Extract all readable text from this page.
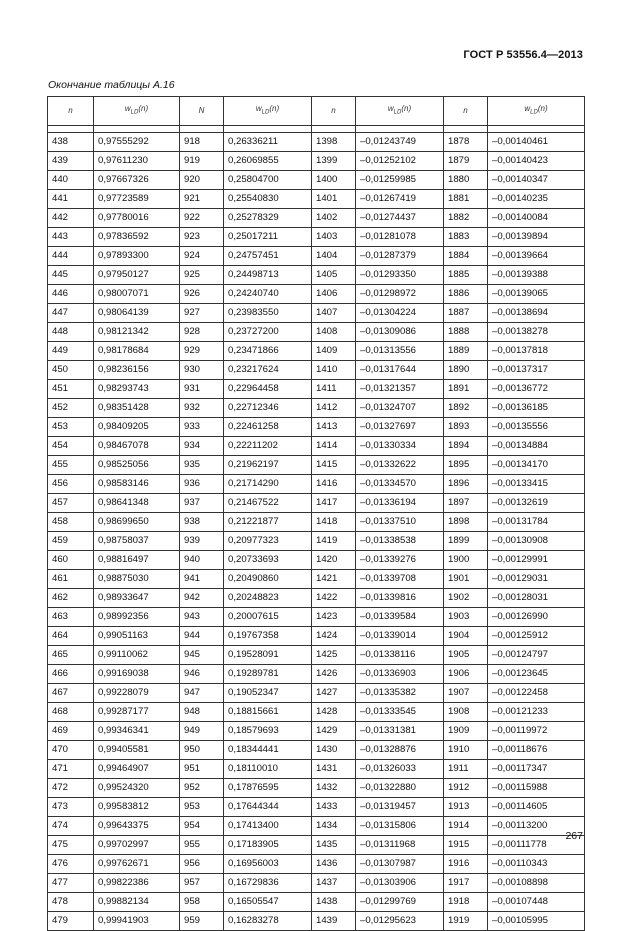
ГОСТ Р 53556.4—2013
Окончание таблицы А.16
n	$w_{LD}(n)$	N	$w_{LD}(n)$	n	$w_{LD}(n)$	n	$w_{LD}(n)$

438	0,97555292	918	0,26336211	1398	–0,01243749	1878	–0,00140461
439	0,97611230	919	0,26069855	1399	–0,01252102	1879	–0,00140423
440	0,97667326	920	0,25804700	1400	–0,01259985	1880	–0,00140347
441	0,97723589	921	0,25540830	1401	–0,01267419	1881	–0,00140235
442	0,97780016	922	0,25278329	1402	–0,01274437	1882	–0,00140084
443	0,97836592	923	0,25017211	1403	–0,01281078	1883	–0,00139894
444	0,97893300	924	0,24757451	1404	–0,01287379	1884	–0,00139664
445	0,97950127	925	0,24498713	1405	–0,01293350	1885	–0,00139388
446	0,98007071	926	0,24240740	1406	–0,01298972	1886	–0,00139065
447	0,98064139	927	0,23983550	1407	–0,01304224	1887	–0,00138694
448	0,98121342	928	0,23727200	1408	–0,01309086	1888	–0,00138278
449	0,98178684	929	0,23471866	1409	–0,01313556	1889	–0,00137818
450	0,98236156	930	0,23217624	1410	–0,01317644	1890	–0,00137317
451	0,98293743	931	0,22964458	1411	–0,01321357	1891	–0,00136772
452	0,98351428	932	0,22712346	1412	–0,01324707	1892	–0,00136185
453	0,98409205	933	0,22461258	1413	–0,01327697	1893	–0,00135556
454	0,98467078	934	0,22211202	1414	–0,01330334	1894	–0,00134884
455	0,98525056	935	0,21962197	1415	–0,01332622	1895	–0,00134170
456	0,98583146	936	0,21714290	1416	–0,01334570	1896	–0,00133415
457	0,98641348	937	0,21467522	1417	–0,01336194	1897	–0,00132619
458	0,98699650	938	0,21221877	1418	–0,01337510	1898	–0,00131784
459	0,98758037	939	0,20977323	1419	–0,01338538	1899	–0,00130908
460	0,98816497	940	0,20733693	1420	–0,01339276	1900	–0,00129991
461	0,98875030	941	0,20490860	1421	–0,01339708	1901	–0,00129031
462	0,98933647	942	0,20248823	1422	–0,01339816	1902	–0,00128031
463	0,98992356	943	0,20007615	1423	–0,01339584	1903	–0,00126990
464	0,99051163	944	0,19767358	1424	–0,01339014	1904	–0,00125912
465	0,99110062	945	0,19528091	1425	–0,01338116	1905	–0,00124797
466	0,99169038	946	0,19289781	1426	–0,01336903	1906	–0,00123645
467	0,99228079	947	0,19052347	1427	–0,01335382	1907	–0,00122458
468	0,99287177	948	0,18815661	1428	–0,01333545	1908	–0,00121233
469	0,99346341	949	0,18579693	1429	–0,01331381	1909	–0,00119972
470	0,99405581	950	0,18344441	1430	–0,01328876	1910	–0,00118676
471	0,99464907	951	0,18110010	1431	–0,01326033	1911	–0,00117347
472	0,99524320	952	0,17876595	1432	–0,01322880	1912	–0,00115988
473	0,99583812	953	0,17644344	1433	–0,01319457	1913	–0,00114605
474	0,99643375	954	0,17413400	1434	–0,01315806	1914	–0,00113200
475	0,99702997	955	0,17183905	1435	–0,01311968	1915	–0,00111778
476	0,99762671	956	0,16956003	1436	–0,01307987	1916	–0,00110343
477	0,99822386	957	0,16729836	1437	–0,01303906	1917	–0,00108898
478	0,99882134	958	0,16505547	1438	–0,01299769	1918	–0,00107448
479	0,99941903	959	0,16283278	1439	–0,01295623	1919	–0,00105995
267
